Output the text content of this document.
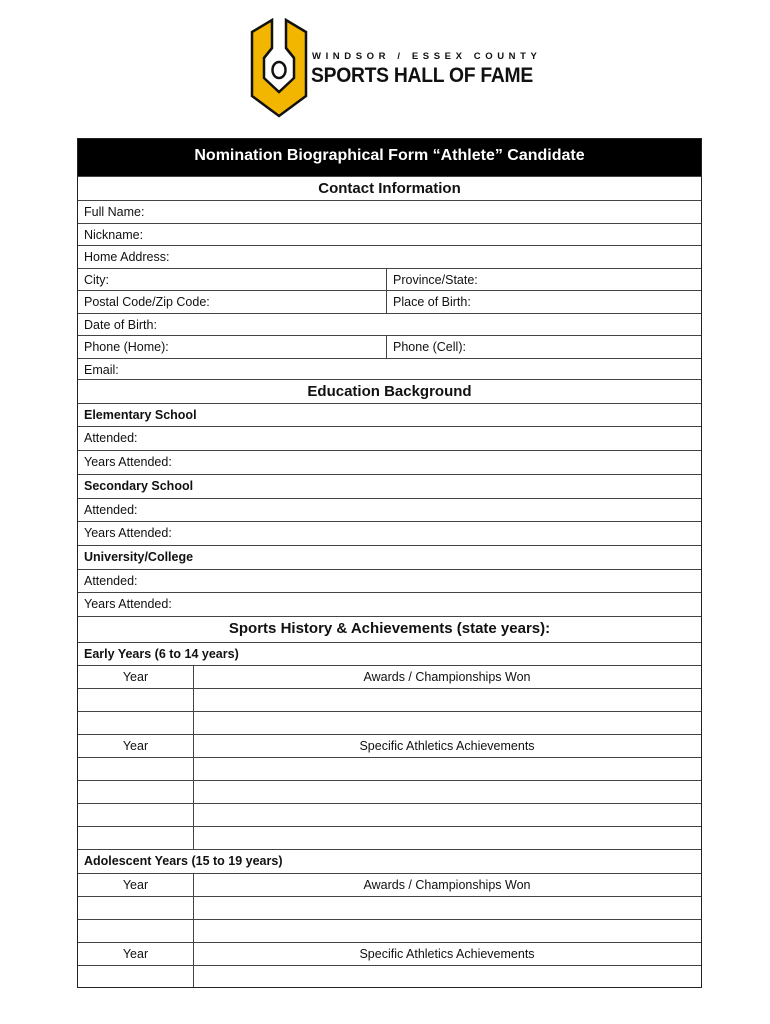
WINDSOR / ESSEX COUNTY
SPORTS HALL OF FAME
Nomination Biographical Form “Athlete” Candidate
Contact Information
Full Name:
Nickname:
Home Address:
City:	Province/State:
Postal Code/Zip Code:	Place of Birth:
Date of Birth:
Phone (Home):	Phone (Cell):
Email:
Education Background
Elementary School
Attended:
Years Attended:
Secondary School
Attended:
Years Attended:
University/College
Attended:
Years Attended:
Sports History & Achievements (state years):
Early Years (6 to 14 years)
Year	Awards / Championships Won
Year	Specific Athletics Achievements
Adolescent Years (15 to 19 years)
Year	Awards / Championships Won
Year	Specific Athletics Achievements
